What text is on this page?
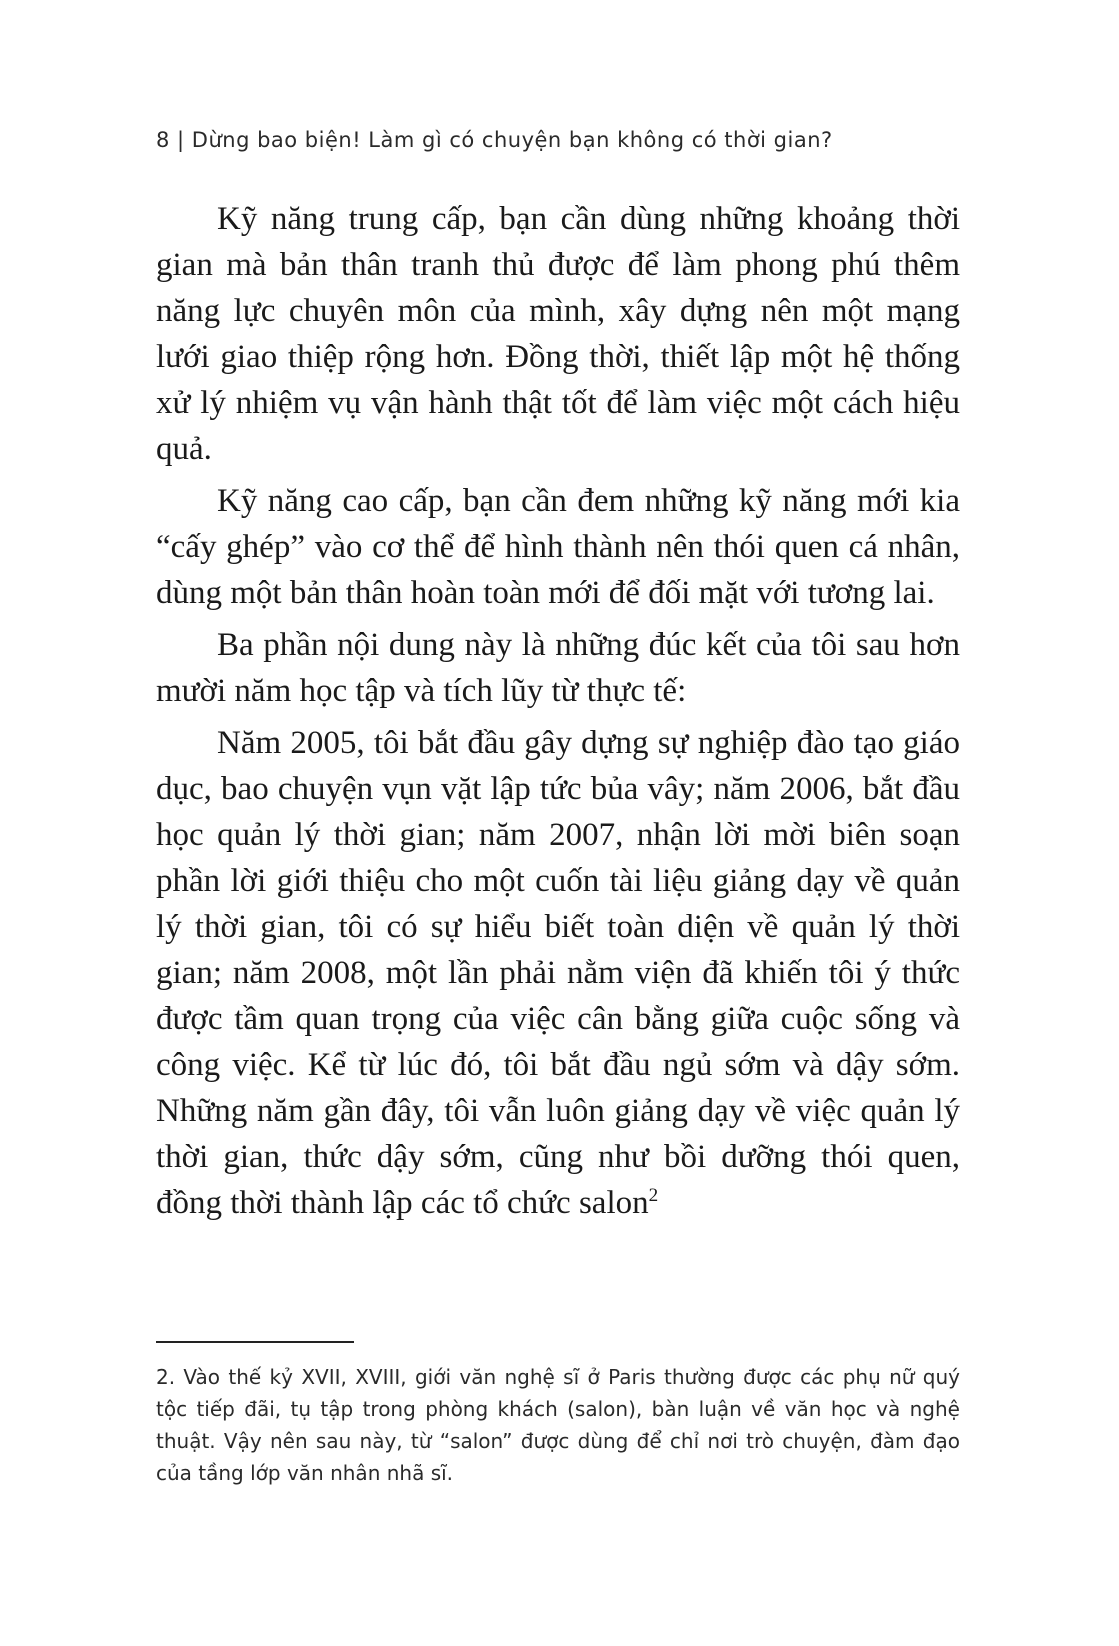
8 | Dừng bao biện! Làm gì có chuyện bạn không có thời gian?

Kỹ năng trung cấp, bạn cần dùng những khoảng thời gian mà bản thân tranh thủ được để làm phong phú thêm năng lực chuyên môn của mình, xây dựng nên một mạng lưới giao thiệp rộng hơn. Đồng thời, thiết lập một hệ thống xử lý nhiệm vụ vận hành thật tốt để làm việc một cách hiệu quả.

Kỹ năng cao cấp, bạn cần đem những kỹ năng mới kia “cấy ghép” vào cơ thể để hình thành nên thói quen cá nhân, dùng một bản thân hoàn toàn mới để đối mặt với tương lai.

Ba phần nội dung này là những đúc kết của tôi sau hơn mười năm học tập và tích lũy từ thực tế:

Năm 2005, tôi bắt đầu gây dựng sự nghiệp đào tạo giáo dục, bao chuyện vụn vặt lập tức bủa vây; năm 2006, bắt đầu học quản lý thời gian; năm 2007, nhận lời mời biên soạn phần lời giới thiệu cho một cuốn tài liệu giảng dạy về quản lý thời gian, tôi có sự hiểu biết toàn diện về quản lý thời gian; năm 2008, một lần phải nằm viện đã khiến tôi ý thức được tầm quan trọng của việc cân bằng giữa cuộc sống và công việc. Kể từ lúc đó, tôi bắt đầu ngủ sớm và dậy sớm. Những năm gần đây, tôi vẫn luôn giảng dạy về việc quản lý thời gian, thức dậy sớm, cũng như bồi dưỡng thói quen, đồng thời thành lập các tổ chức salon$^2$

2. Vào thế kỷ XVII, XVIII, giới văn nghệ sĩ ở Paris thường được các phụ nữ quý tộc tiếp đãi, tụ tập trong phòng khách (salon), bàn luận về văn học và nghệ thuật. Vậy nên sau này, từ “salon” được dùng để chỉ nơi trò chuyện, đàm đạo của tầng lớp văn nhân nhã sĩ.
